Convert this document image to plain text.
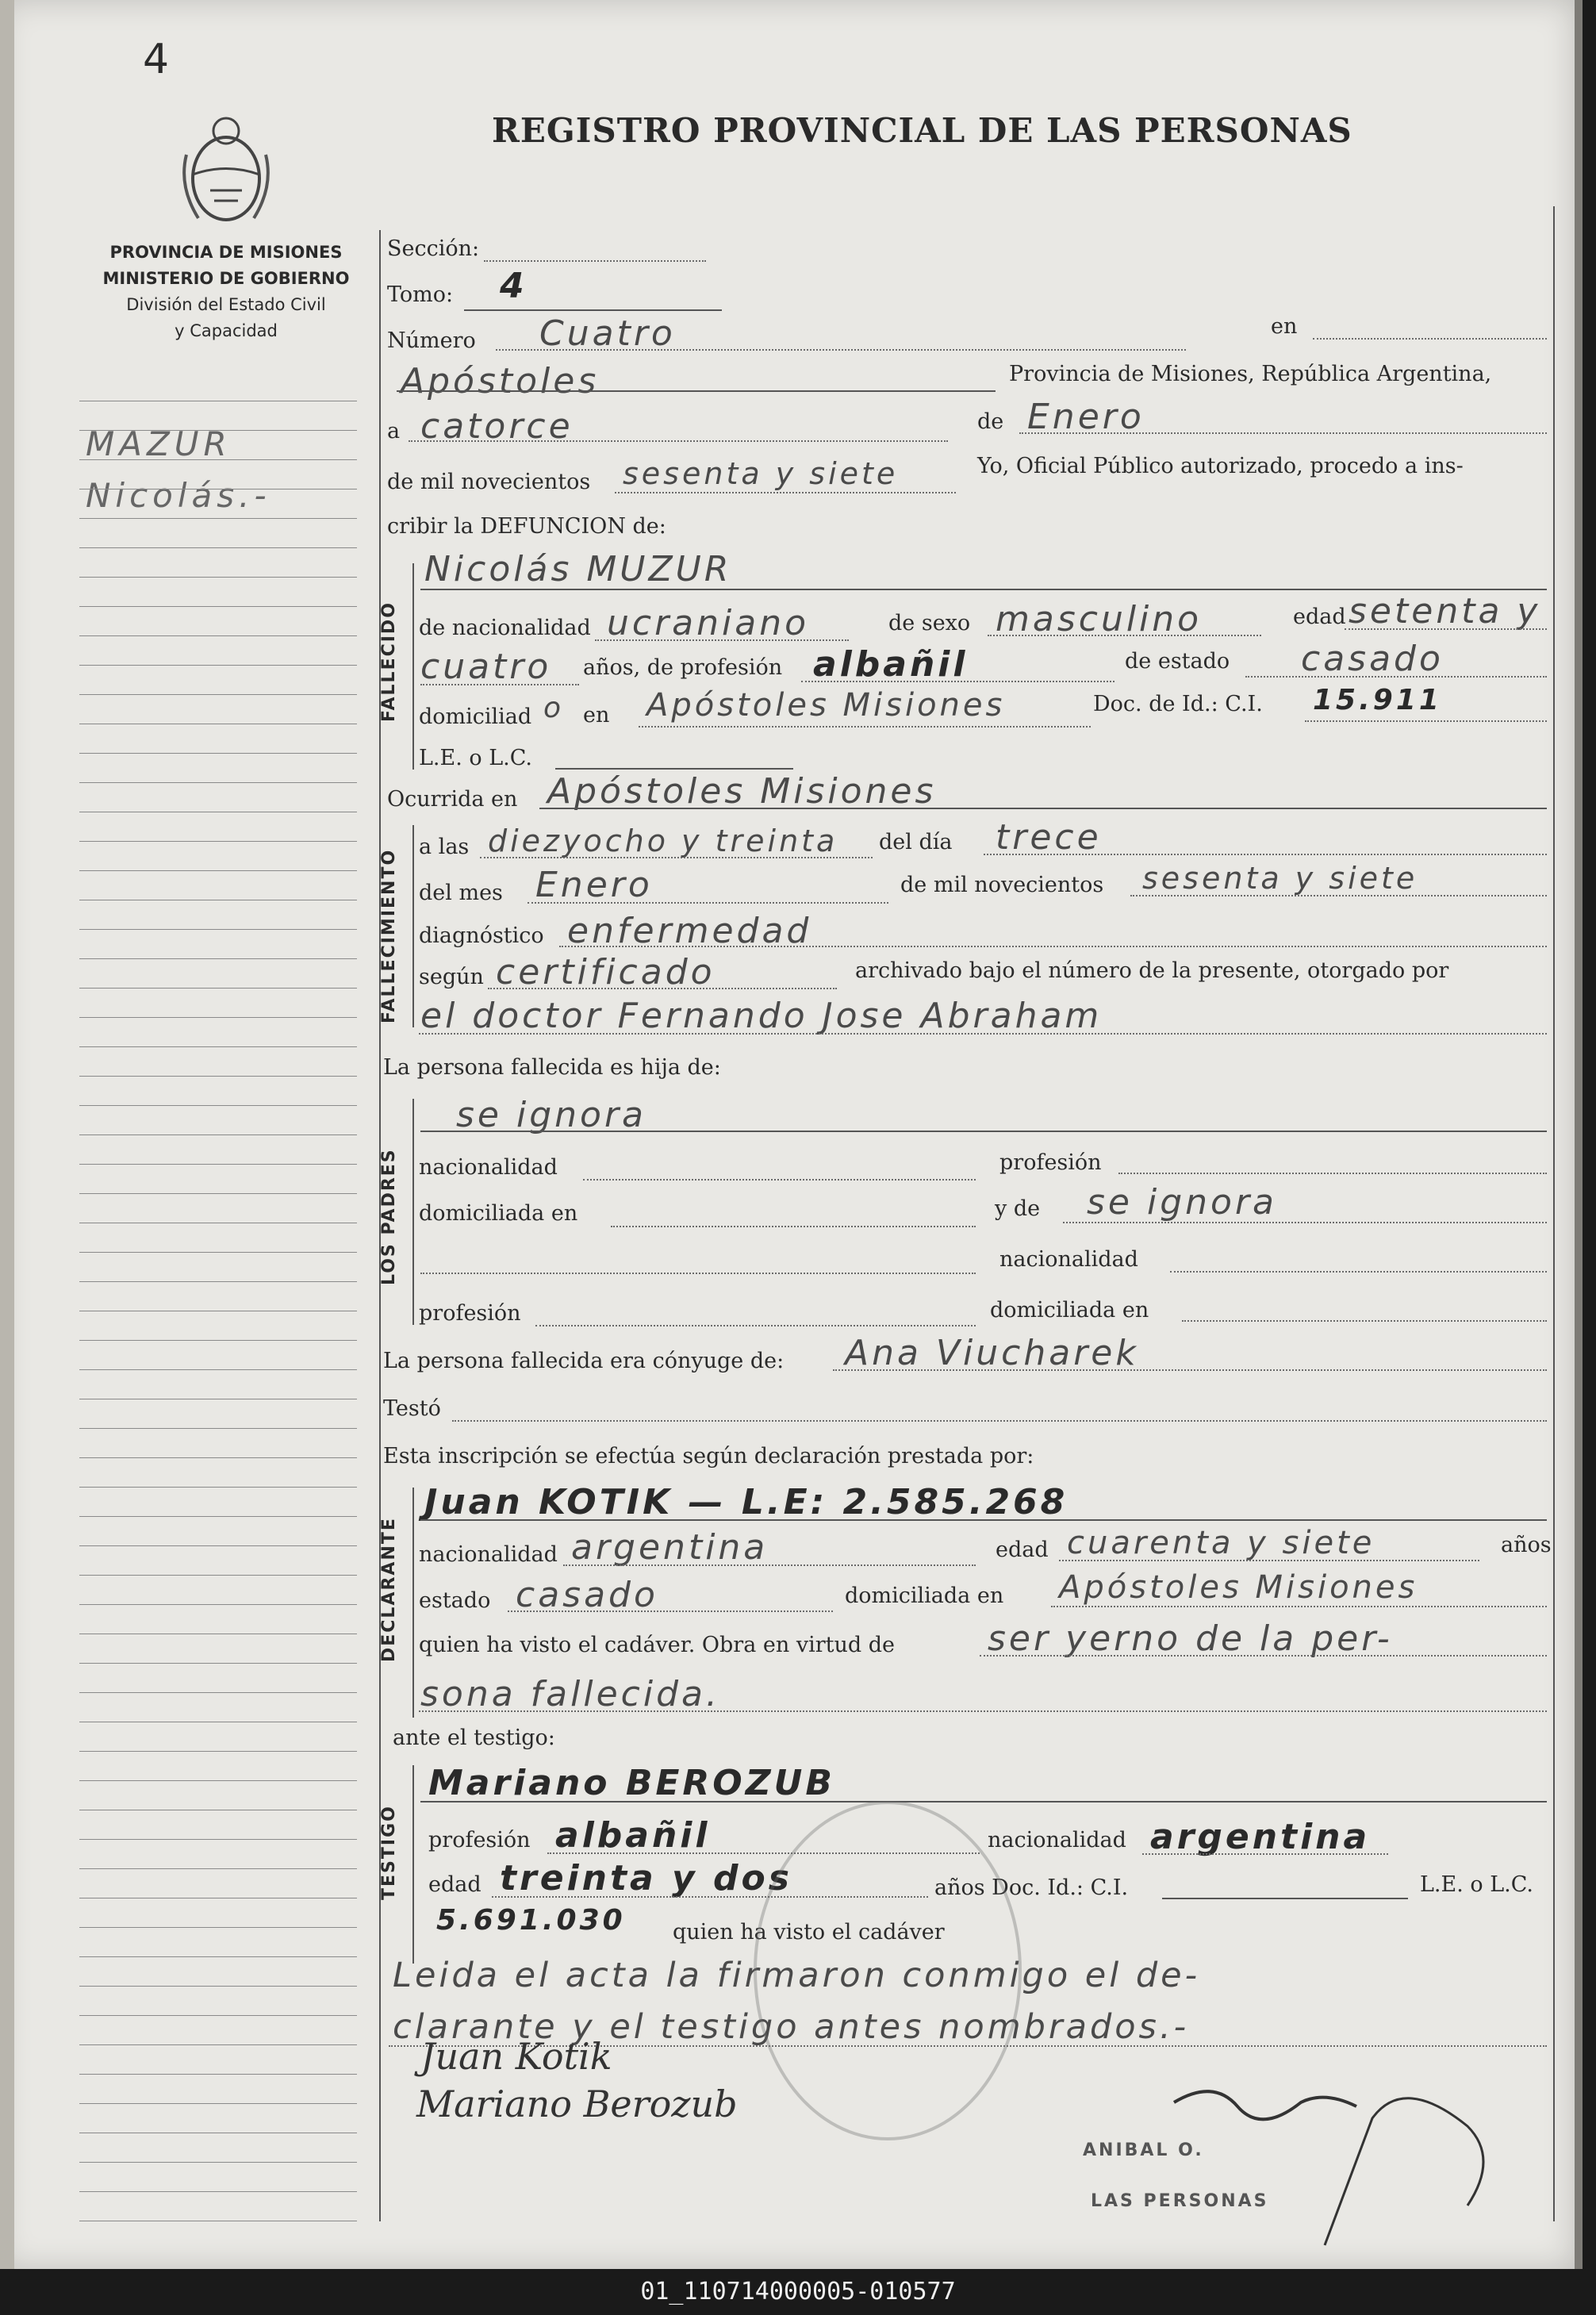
4
REGISTRO PROVINCIAL DE LAS PERSONAS
PROVINCIA DE MISIONES
MINISTERIO DE GOBIERNO
División del Estado Civil
y Capacidad
MAZUR
Nicolás.-
Sección:
Tomo: 4
Número Cuatro	en
Apóstoles	Provincia de Misiones, República Argentina,
a catorce	de Enero
de mil novecientos sesenta y siete	Yo, Oficial Público autorizado, procedo a ins-
cribir la DEFUNCION de:
FALLECIDO
Nicolás MUZUR
de nacionalidad ucraniano	de sexo masculino	edad setenta y
cuatro años, de profesión albañil	de estado casado
domiciliad o en Apóstoles Misiones	Doc. de Id.: C.I. 15.911
L.E. o L.C.
Ocurrida en Apóstoles Misiones
FALLECIMIENTO
a las diezyocho y treinta del día trece
del mes Enero	de mil novecientos sesenta y siete
diagnóstico enfermedad
según certificado	archivado bajo el número de la presente, otorgado por
el doctor Fernando Jose Abraham
La persona fallecida es hija de:
LOS PADRES
se ignora
nacionalidad	profesión
domiciliada en	y de se ignora
nacionalidad
profesión	domiciliada en
La persona fallecida era cónyuge de: Ana Viucharek
Testó
Esta inscripción se efectúa según declaración prestada por:
DECLARANTE
Juan KOTIK — L.E: 2.585.268
nacionalidad argentina	edad cuarenta y siete	años
estado casado	domiciliada en Apóstoles Misiones
quien ha visto el cadáver. Obra en virtud de	ser yerno de la per-
sona fallecida.
ante el testigo:
TESTIGO
Mariano BEROZUB
profesión albañil	nacionalidad argentina
edad treinta y dos	años Doc. Id.: C.I.	L.E. o L.C.
5.691.030 quien ha visto el cadáver
Leida el acta la firmaron conmigo el de-
clarante y el testigo antes nombrados.-
Juan Kotik
Mariano Berozub
ANIBAL O.
LAS PERSONAS
01_110714000005-010577
